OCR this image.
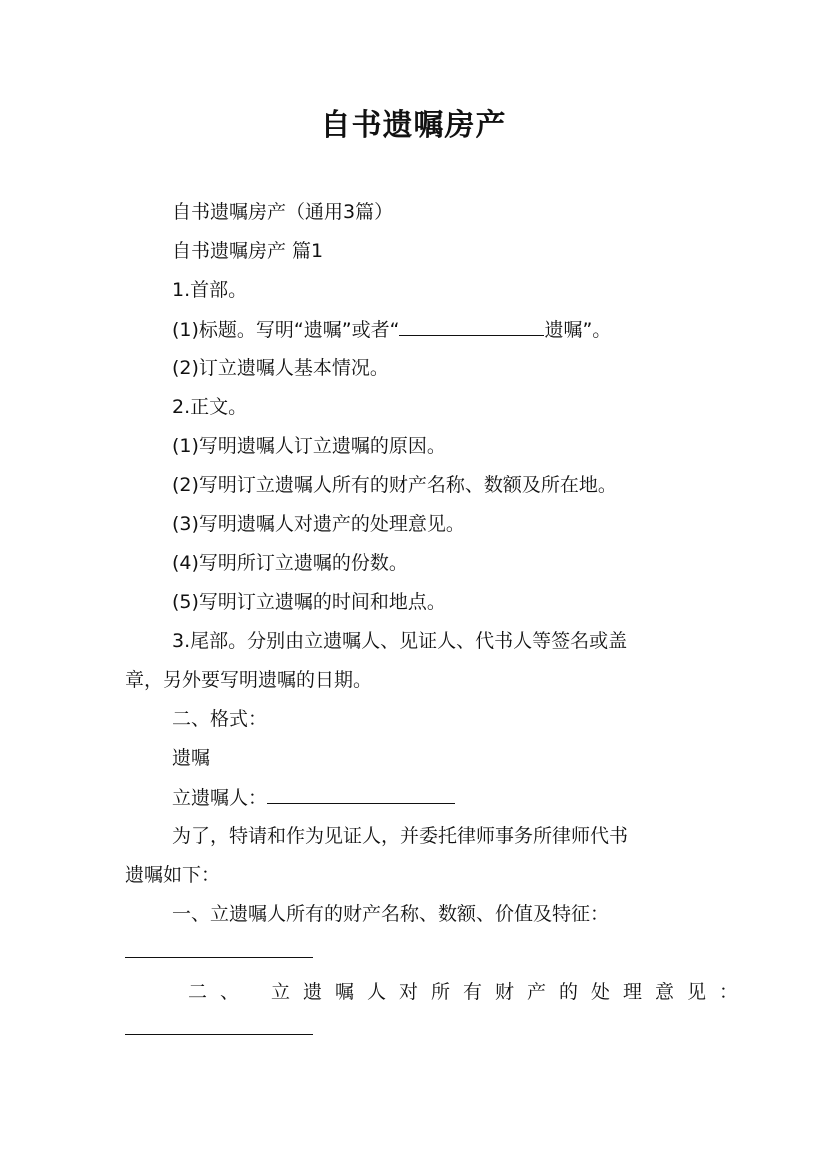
自书遗嘱房产
自书遗嘱房产（通用3篇）
自书遗嘱房产 篇1
1.首部。
(1)标题。写明“遗嘱”或者“	遗嘱”。
(2)订立遗嘱人基本情况。
2.正文。
(1)写明遗嘱人订立遗嘱的原因。
(2)写明订立遗嘱人所有的财产名称、数额及所在地。
(3)写明遗嘱人对遗产的处理意见。
(4)写明所订立遗嘱的份数。
(5)写明订立遗嘱的时间和地点。
3.尾部。分别由立遗嘱人、见证人、代书人等签名或盖
章，另外要写明遗嘱的日期。
二、格式：
遗嘱
立遗嘱人：
为了，特请和作为见证人，并委托律师事务所律师代书
遗嘱如下：
一、立遗嘱人所有的财产名称、数额、价值及特征：
二、 立遗嘱人对所有财产的处理意见：
